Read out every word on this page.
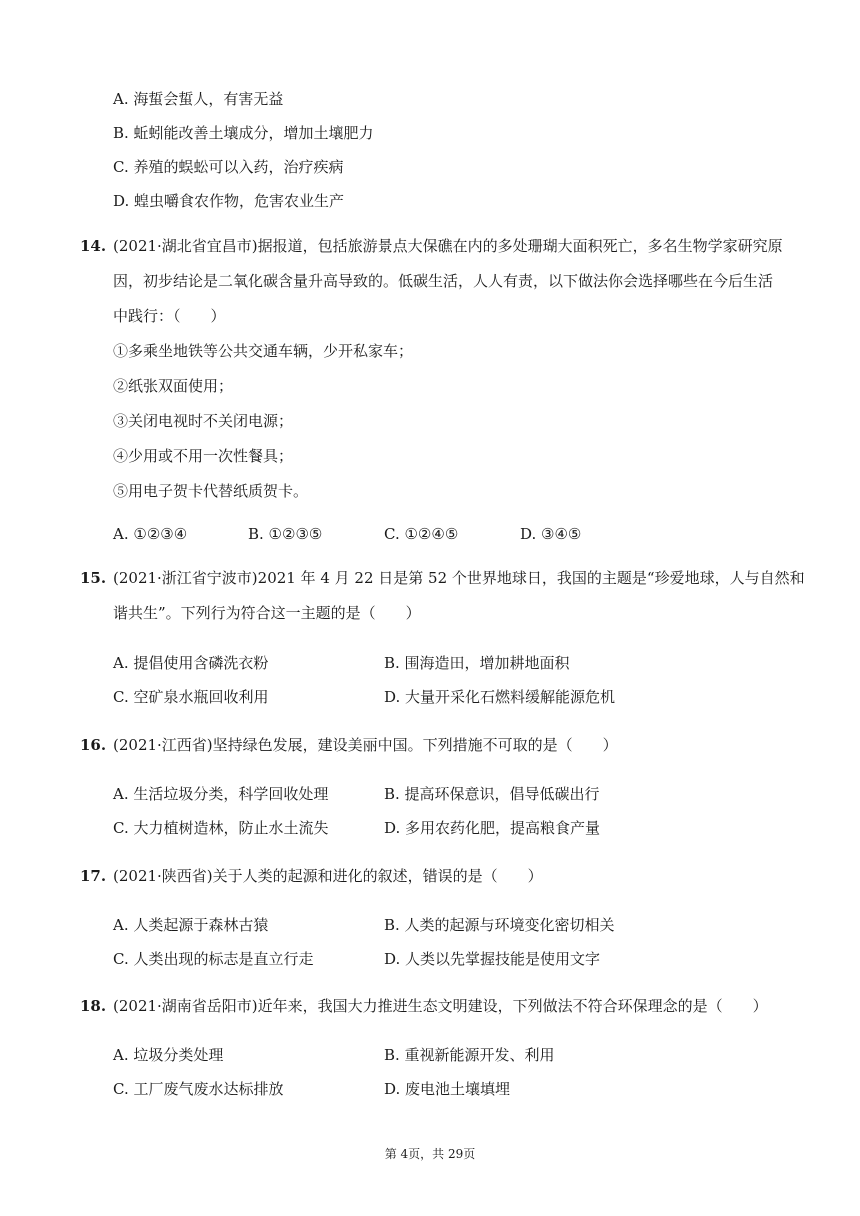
A. 海蜇会蜇人，有害无益
B. 蚯蚓能改善土壤成分，增加土壤肥力
C. 养殖的蜈蚣可以入药，治疗疾病
D. 蝗虫嚼食农作物，危害农业生产
14. (2021·湖北省宜昌市)据报道，包括旅游景点大保礁在内的多处珊瑚大面积死亡，多名生物学家研究原
因，初步结论是二氧化碳含量升高导致的。低碳生活，人人有责，以下做法你会选择哪些在今后生活
中践行：（　　）
①多乘坐地铁等公共交通车辆，少开私家车；
②纸张双面使用；
③关闭电视时不关闭电源；
④少用或不用一次性餐具；
⑤用电子贺卡代替纸质贺卡。
A. ①②③④	B. ①②③⑤	C. ①②④⑤	D. ③④⑤
15. (2021·浙江省宁波市)2021 年 4 月 22 日是第 52 个世界地球日，我国的主题是“珍爱地球，人与自然和
谐共生”。下列行为符合这一主题的是（　　）
A. 提倡使用含磷洗衣粉	B. 围海造田，增加耕地面积
C. 空矿泉水瓶回收利用	D. 大量开采化石燃料缓解能源危机
16. (2021·江西省)坚持绿色发展，建设美丽中国。下列措施不可取的是（　　）
A. 生活垃圾分类，科学回收处理	B. 提高环保意识，倡导低碳出行
C. 大力植树造林，防止水土流失	D. 多用农药化肥，提高粮食产量
17. (2021·陕西省)关于人类的起源和进化的叙述，错误的是（　　）
A. 人类起源于森林古猿	B. 人类的起源与环境变化密切相关
C. 人类出现的标志是直立行走	D. 人类以先掌握技能是使用文字
18. (2021·湖南省岳阳市)近年来，我国大力推进生态文明建设，下列做法不符合环保理念的是（　　）
A. 垃圾分类处理	B. 重视新能源开发、利用
C. 工厂废气废水达标排放	D. 废电池土壤填埋
第 4页，共 29页
